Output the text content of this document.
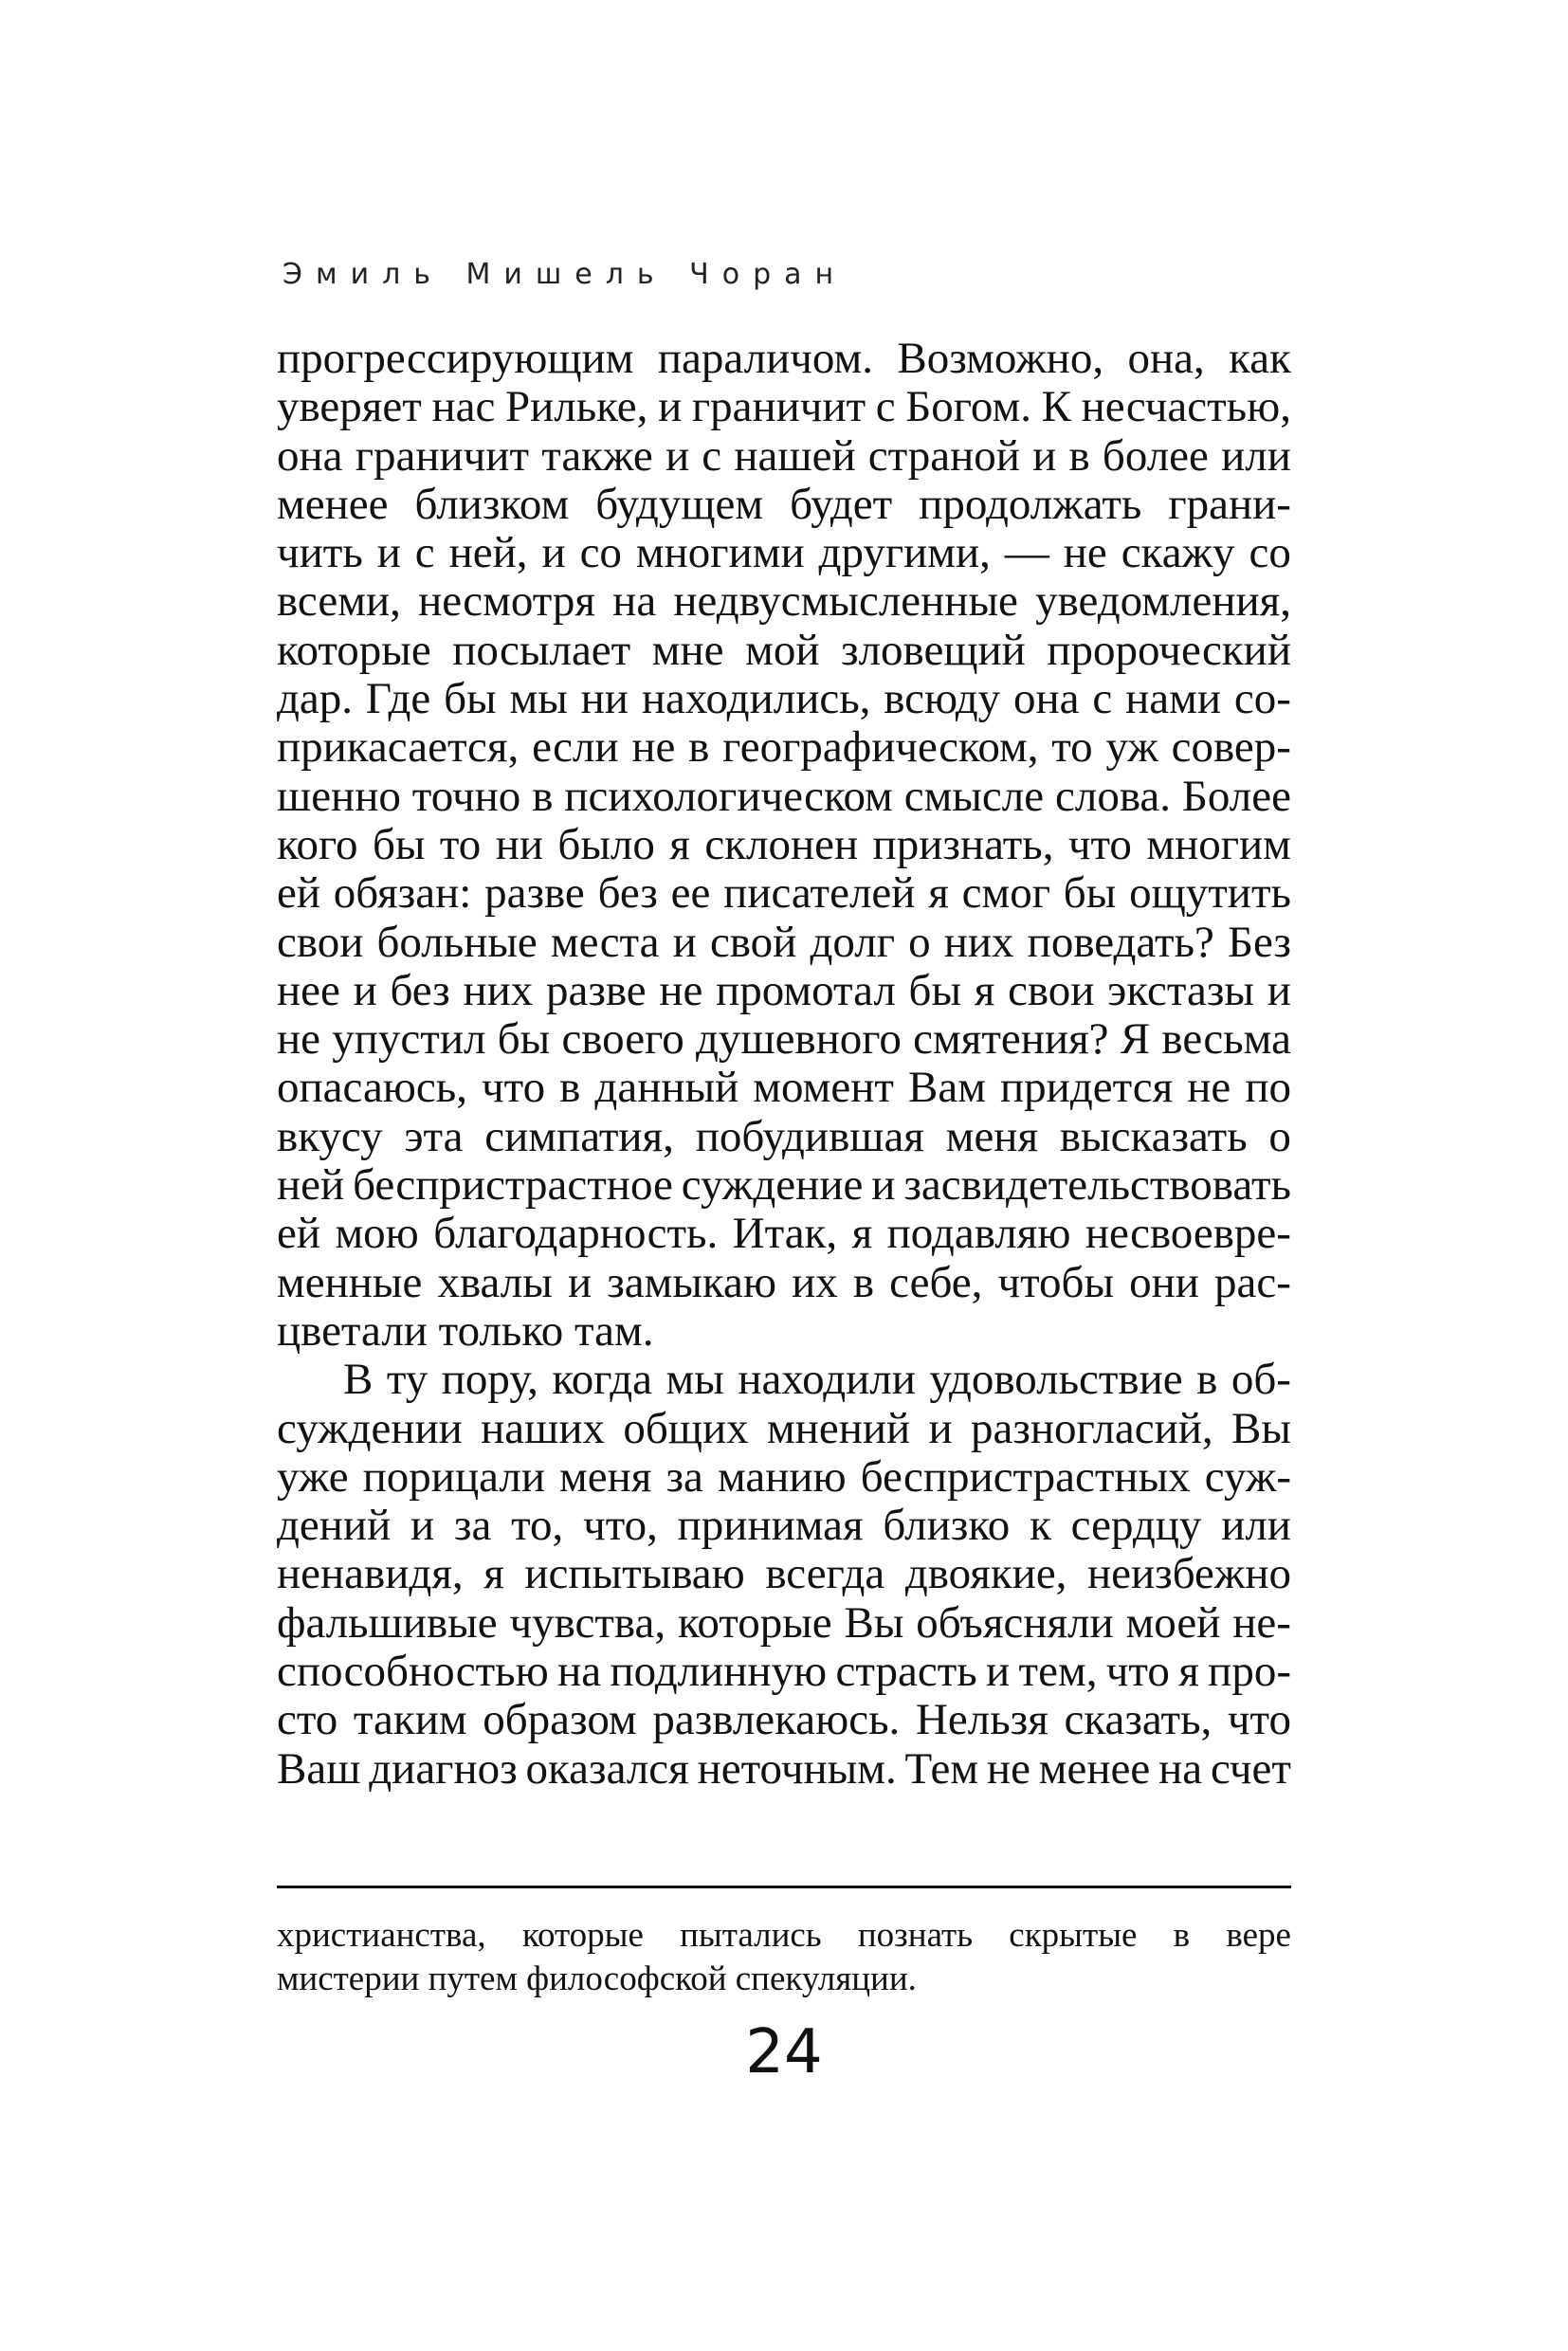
Эмиль Мишель Чоран
прогрессирующим параличом. Возможно, она, как
уверяет нас Рильке, и граничит с Богом. К несчастью,
она граничит также и с нашей страной и в более или
менее близком будущем будет продолжать грани-
чить и с ней, и со многими другими, — не скажу со
всеми, несмотря на недвусмысленные уведомления,
которые посылает мне мой зловещий пророческий
дар. Где бы мы ни находились, всюду она с нами со-
прикасается, если не в географическом, то уж совер-
шенно точно в психологическом смысле слова. Более
кого бы то ни было я склонен признать, что многим
ей обязан: разве без ее писателей я смог бы ощутить
свои больные места и свой долг о них поведать? Без
нее и без них разве не промотал бы я свои экстазы и
не упустил бы своего душевного смятения? Я весьма
опасаюсь, что в данный момент Вам придется не по
вкусу эта симпатия, побудившая меня высказать о
ней беспристрастное суждение и засвидетельствовать
ей мою благодарность. Итак, я подавляю несвоевре-
менные хвалы и замыкаю их в себе, чтобы они рас-
цветали только там.
В ту пору, когда мы находили удовольствие в об-
суждении наших общих мнений и разногласий, Вы
уже порицали меня за манию беспристрастных суж-
дений и за то, что, принимая близко к сердцу или
ненавидя, я испытываю всегда двоякие, неизбежно
фальшивые чувства, которые Вы объясняли моей не-
способностью на подлинную страсть и тем, что я про-
сто таким образом развлекаюсь. Нельзя сказать, что
Ваш диагноз оказался неточным. Тем не менее на счет
христианства, которые пытались познать скрытые в вере
мистерии путем философской спекуляции.
24
